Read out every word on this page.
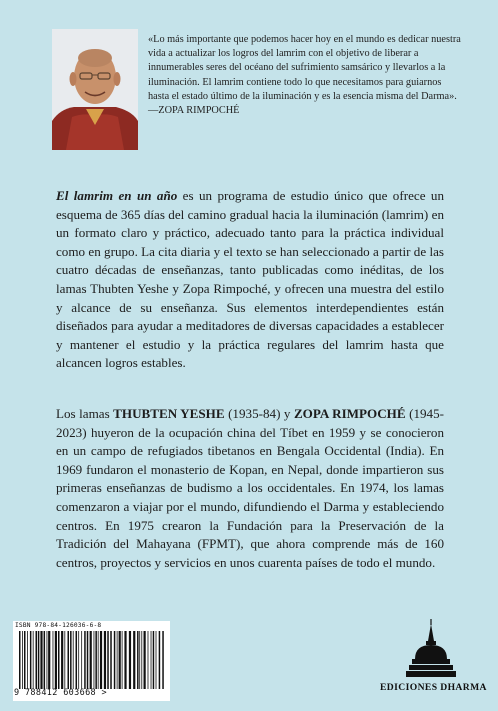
«Lo más importante que podemos hacer hoy en el mundo es dedicar nuestra vida a actualizar los logros del lamrim con el objetivo de liberar a innumerables seres del océano del sufrimiento samsárico y llevarlos a la iluminación. El lamrim contiene todo lo que necesitamos para guiarnos hasta el estado último de la iluminación y es la esencia misma del Darma».
—ZOPA RIMPOCHÉ
El lamrim en un año es un programa de estudio único que ofrece un esquema de 365 días del camino gradual hacia la iluminación (lamrim) en un formato claro y práctico, adecuado tanto para la práctica individual como en grupo. La cita diaria y el texto se han seleccionado a partir de las cuatro décadas de enseñanzas, tanto publicadas como inéditas, de los lamas Thubten Yeshe y Zopa Rimpoché, y ofrecen una muestra del estilo y alcance de su enseñanza. Sus elementos interdependientes están diseñados para ayudar a meditadores de diversas capacidades a establecer y mantener el estudio y la práctica regulares del lamrim hasta que alcancen logros estables.
Los lamas THUBTEN YESHE (1935-84) y ZOPA RIMPOCHÉ (1945-2023) huyeron de la ocupación china del Tíbet en 1959 y se conocieron en un campo de refugiados tibetanos en Bengala Occidental (India). En 1969 fundaron el monasterio de Kopan, en Nepal, donde impartieron sus primeras enseñanzas de budismo a los occidentales. En 1974, los lamas comenzaron a viajar por el mundo, difundiendo el Darma y estableciendo centros. En 1975 crearon la Fundación para la Preservación de la Tradición del Mahayana (FPMT), que ahora comprende más de 160 centros, proyectos y servicios en unos cuarenta países de todo el mundo.
ISBN 978-84-126036-6-8
9 788412 603668 >	EDICIONES DHARMA
